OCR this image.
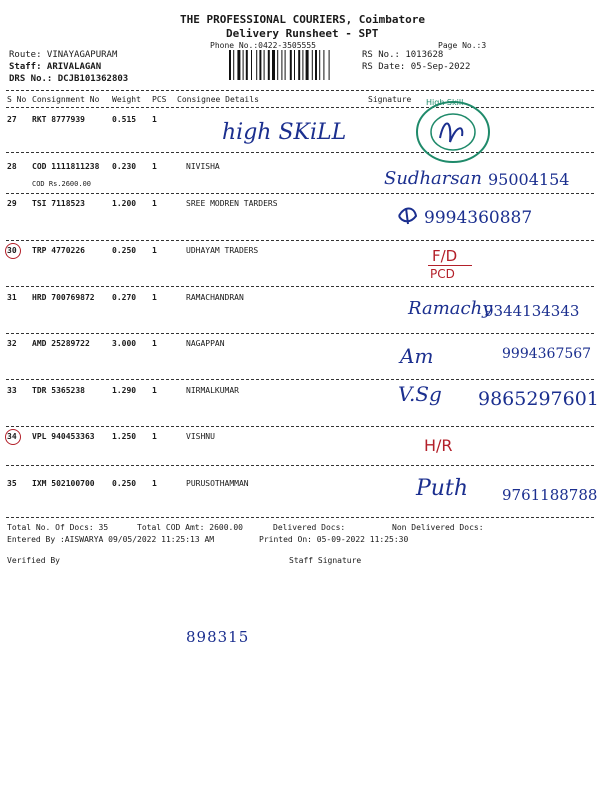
THE PROFESSIONAL COURIERS, Coimbatore
Delivery Runsheet - SPT
Phone No.:0422-3505555	Page No.:3
Route: VINAYAGAPURAM
Staff: ARIVALAGAN
DRS No.: DCJB101362803
RS No.: 1013628
RS Date: 05-Sep-2022
S No Consignment No Weight PCS Consignee Details	Signature
27 RKT 8777939	0.515 1
high SKiLL
High Skill
28 COD 1111811238 0.230 1	NIVISHA
COD Rs.2600.00	Sudharsan 95004154
29 TSI 7118523	1.200 1	SREE MODREN TARDERS
9994360887
30 TRP 4770226	0.250 1	UDHAYAM TRADERS	F/D
PCD
31 HRD 700769872 0.270 1	RAMACHANDRAN
Ramachy
9344134343
32 AMD 25289722	3.000 1	NAGAPPAN
Am	9994367567
33 TDR 5365238	1.290 1	NIRMALKUMAR	V.Sg 9865297601
34 VPL 940453363 1.250 1	VISHNU	H/R
35 IXM 502100700 0.250 1	PURUSOTHAMMAN	Puth 9761188788
Total No. Of Docs: 35	Total COD Amt: 2600.00	Delivered Docs:	Non Delivered Docs:
Entered By :AISWARYA 09/05/2022 11:25:13 AM	Printed On: 05-09-2022 11:25:30
Verified By	Staff Signature
898315
